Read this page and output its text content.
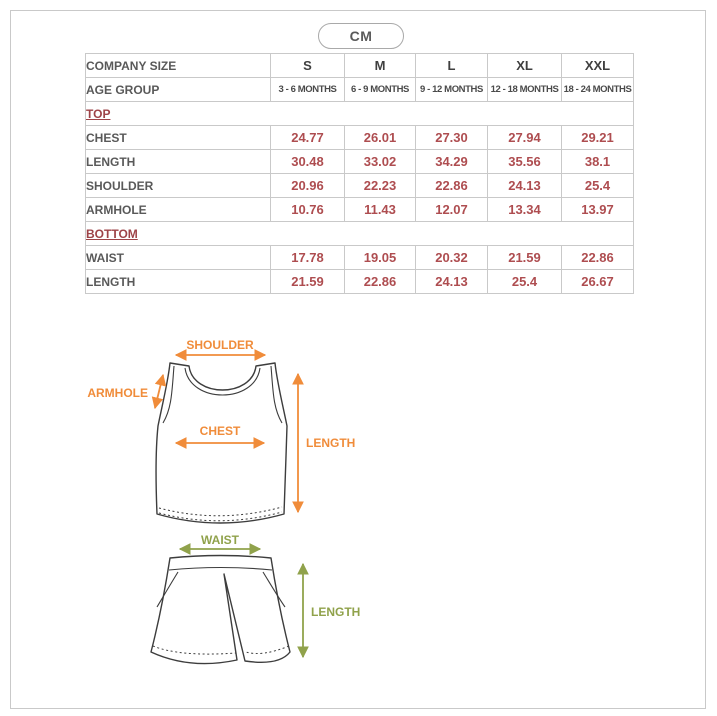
CM
COMPANY SIZE	S	M	L	XL	XXL
AGE GROUP	3 - 6 MONTHS	6 - 9 MONTHS	9 - 12 MONTHS	12 - 18 MONTHS	18 - 24 MONTHS
TOP					
CHEST	24.77	26.01	27.30	27.94	29.21
LENGTH	30.48	33.02	34.29	35.56	38.1
SHOULDER	20.96	22.23	22.86	24.13	25.4
ARMHOLE	10.76	11.43	12.07	13.34	13.97
BOTTOM					
WAIST	17.78	19.05	20.32	21.59	22.86
LENGTH	21.59	22.86	24.13	25.4	26.67
SHOULDER
ARMHOLE
CHEST
LENGTH
WAIST
LENGTH
